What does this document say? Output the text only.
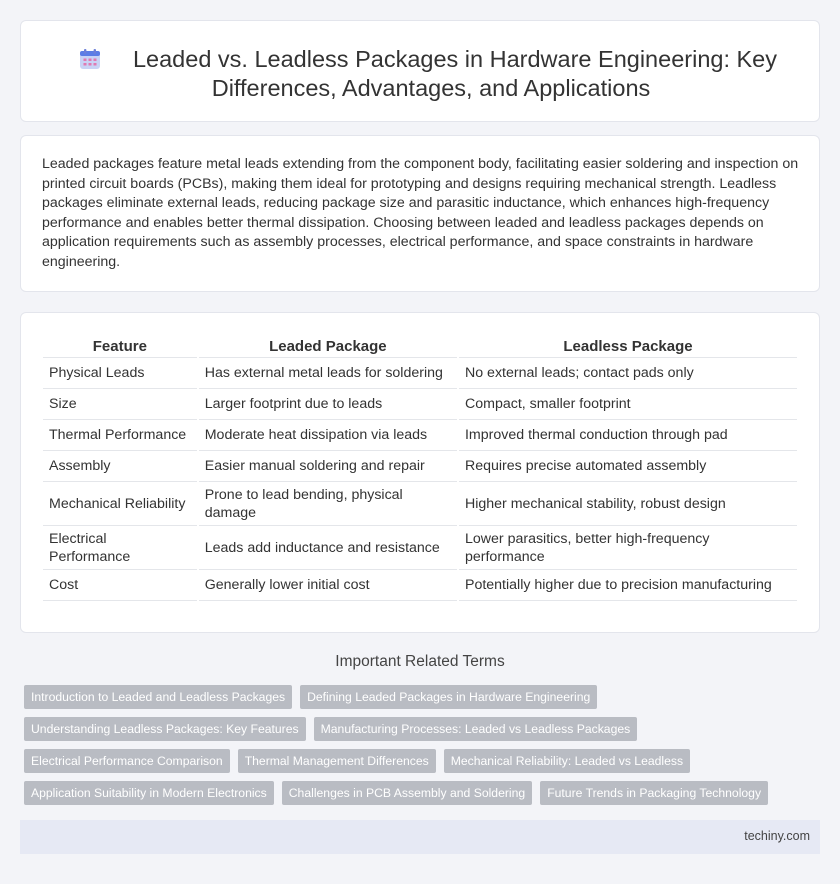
Leaded vs. Leadless Packages in Hardware Engineering: Key
Differences, Advantages, and Applications

Leaded packages feature metal leads extending from the component body, facilitating easier soldering and inspection on printed circuit boards (PCBs), making them ideal for prototyping and designs requiring mechanical strength. Leadless packages eliminate external leads, reducing package size and parasitic inductance, which enhances high-frequency performance and enables better thermal dissipation. Choosing between leaded and leadless packages depends on application requirements such as assembly processes, electrical performance, and space constraints in hardware engineering.

Feature	Leaded Package	Leadless Package
Physical Leads	Has external metal leads for soldering	No external leads; contact pads only
Size	Larger footprint due to leads	Compact, smaller footprint
Thermal Performance	Moderate heat dissipation via leads	Improved thermal conduction through pad
Assembly	Easier manual soldering and repair	Requires precise automated assembly
Mechanical Reliability	Prone to lead bending, physical damage	Higher mechanical stability, robust design
Electrical Performance	Leads add inductance and resistance	Lower parasitics, better high-frequency performance
Cost	Generally lower initial cost	Potentially higher due to precision manufacturing
Important Related Terms
Introduction to Leaded and Leadless Packages	Defining Leaded Packages in Hardware Engineering
Understanding Leadless Packages: Key Features	Manufacturing Processes: Leaded vs Leadless Packages
Electrical Performance Comparison	Thermal Management Differences	Mechanical Reliability: Leaded vs Leadless
Application Suitability in Modern Electronics	Challenges in PCB Assembly and Soldering	Future Trends in Packaging Technology
techiny.com
